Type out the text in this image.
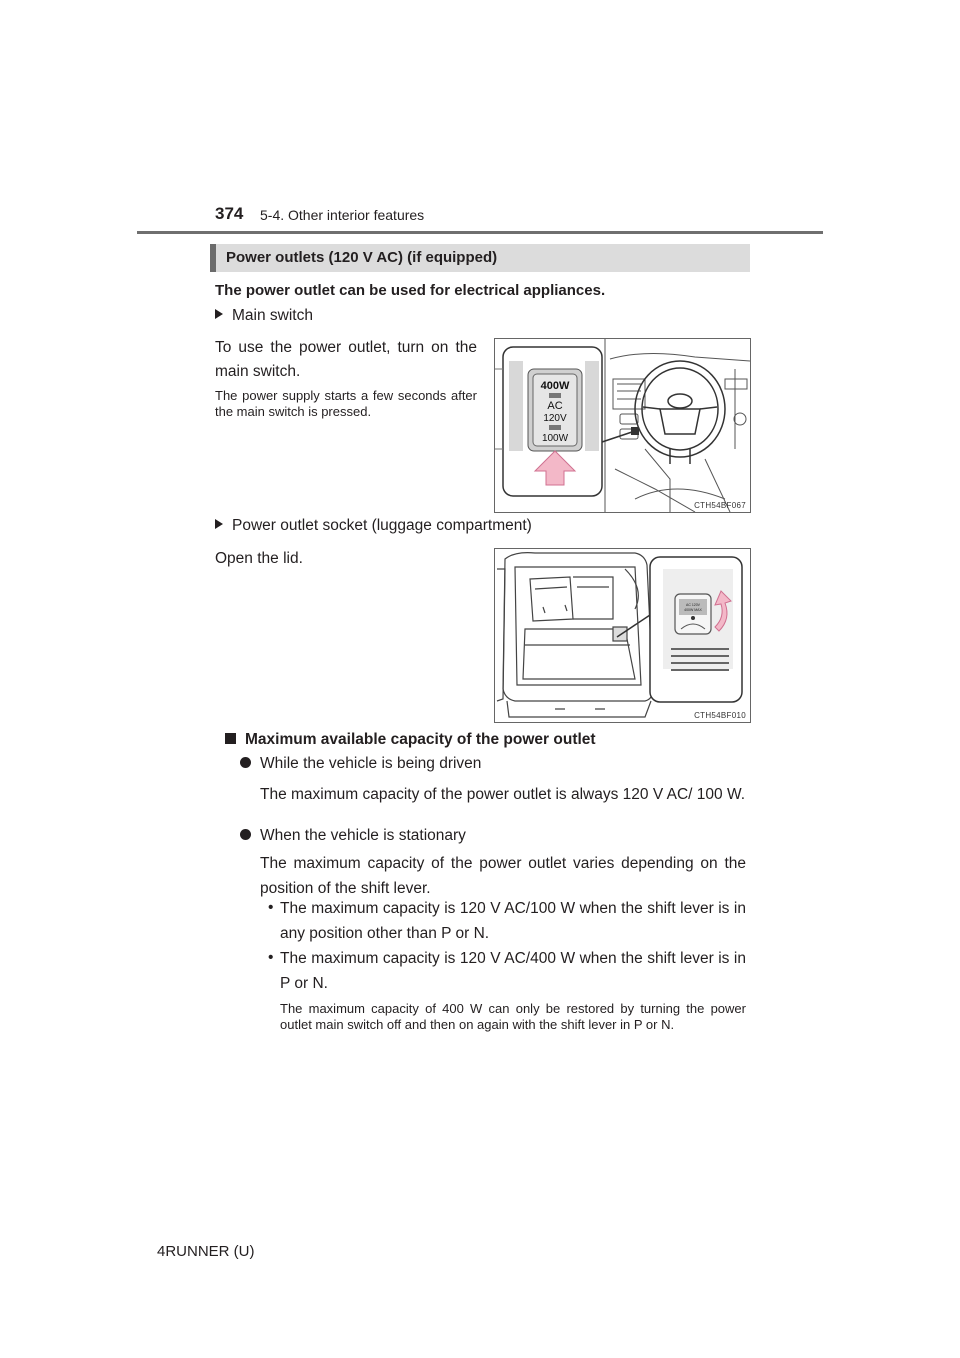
374 5-4. Other interior features
Power outlets (120 V AC) (if equipped)
The power outlet can be used for electrical appliances.
Main switch
To use the power outlet, turn on the main switch.
The power supply starts a few seconds after the main switch is pressed.
400W
AC
120V
100W
CTH54BF067
Power outlet socket (luggage compartment)
Open the lid.
AC 120V
400W MAX
CTH54BF010
Maximum available capacity of the power outlet
While the vehicle is being driven
The maximum capacity of the power outlet is always 120 V AC/ 100 W.
When the vehicle is stationary
The maximum capacity of the power outlet varies depending on the position of the shift lever.
• The maximum capacity is 120 V AC/100 W when the shift lever is in any position other than P or N.
• The maximum capacity is 120 V AC/400 W when the shift lever is in P or N.
The maximum capacity of 400 W can only be restored by turning the power outlet main switch off and then on again with the shift lever in P or N.
4RUNNER (U)
